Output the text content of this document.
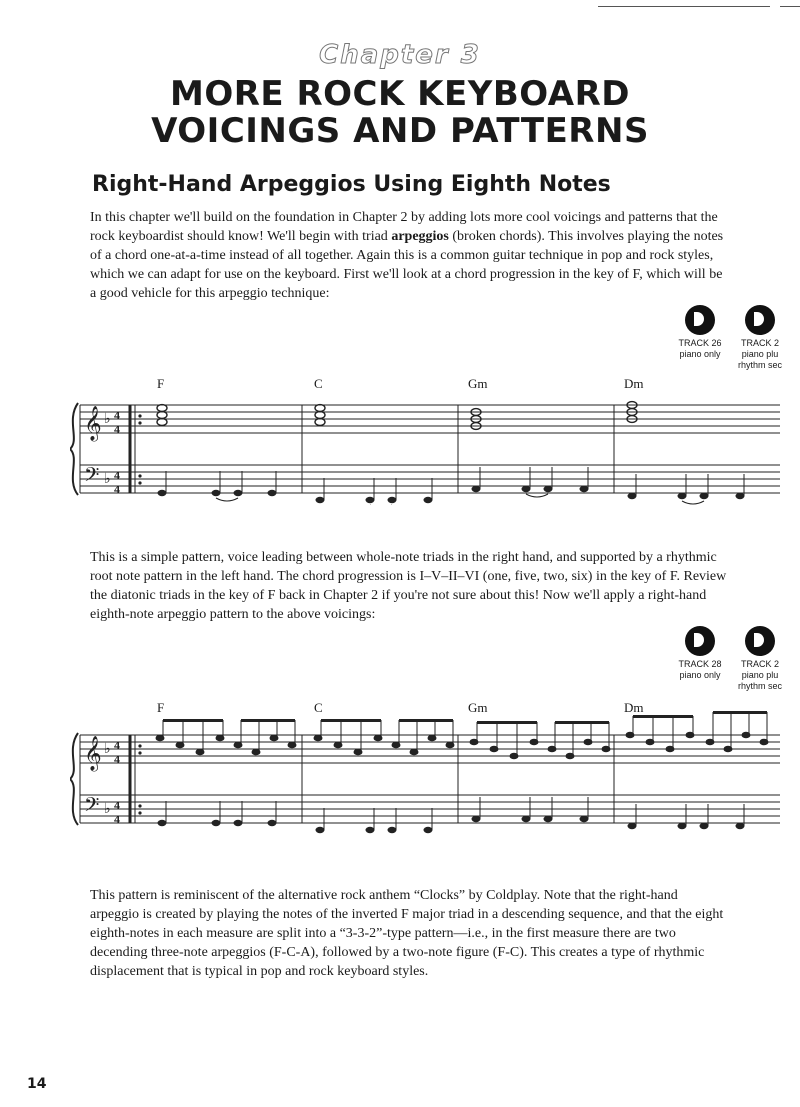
Chapter 3
MORE ROCK KEYBOARD
VOICINGS AND PATTERNS
Right-Hand Arpeggios Using Eighth Notes

In this chapter we'll build on the foundation in Chapter 2 by adding lots more cool voicings and patterns that the rock keyboardist should know! We'll begin with triad arpeggios (broken chords). This involves playing the notes of a chord one-at-a-time instead of all together. Again this is a common guitar technique in pop and rock styles, which we can adapt for use on the keyboard. First we'll look at a chord progression in the key of F, which will be a good vehicle for this arpeggio technique:

TRACK 26
piano only
TRACK 2
piano plu
rhythm sec
F	C	Gm	Dm
𝄞
𝄢
♭
♭
4
4
4
4

This is a simple pattern, voice leading between whole-note triads in the right hand, and supported by a rhythmic root note pattern in the left hand. The chord progression is I–V–II–VI (one, five, two, six) in the key of F. Review the diatonic triads in the key of F back in Chapter 2 if you're not sure about this! Now we'll apply a right-hand eighth-note arpeggio pattern to the above voicings:

TRACK 28
piano only
TRACK 2
piano plu
rhythm sec
F	C	Gm	Dm
𝄞
𝄢
♭
♭
4
4
4
4

This pattern is reminiscent of the alternative rock anthem “Clocks” by Coldplay. Note that the right-hand arpeggio is created by playing the notes of the inverted F major triad in a descending sequence, and that the eight eighth-notes in each measure are split into a “3-3-2”-type pattern—i.e., in the first measure there are two decending three-note arpeggios (F-C-A), followed by a two-note figure (F-C). This creates a type of rhythmic displacement that is typical in pop and rock keyboard styles.

14
